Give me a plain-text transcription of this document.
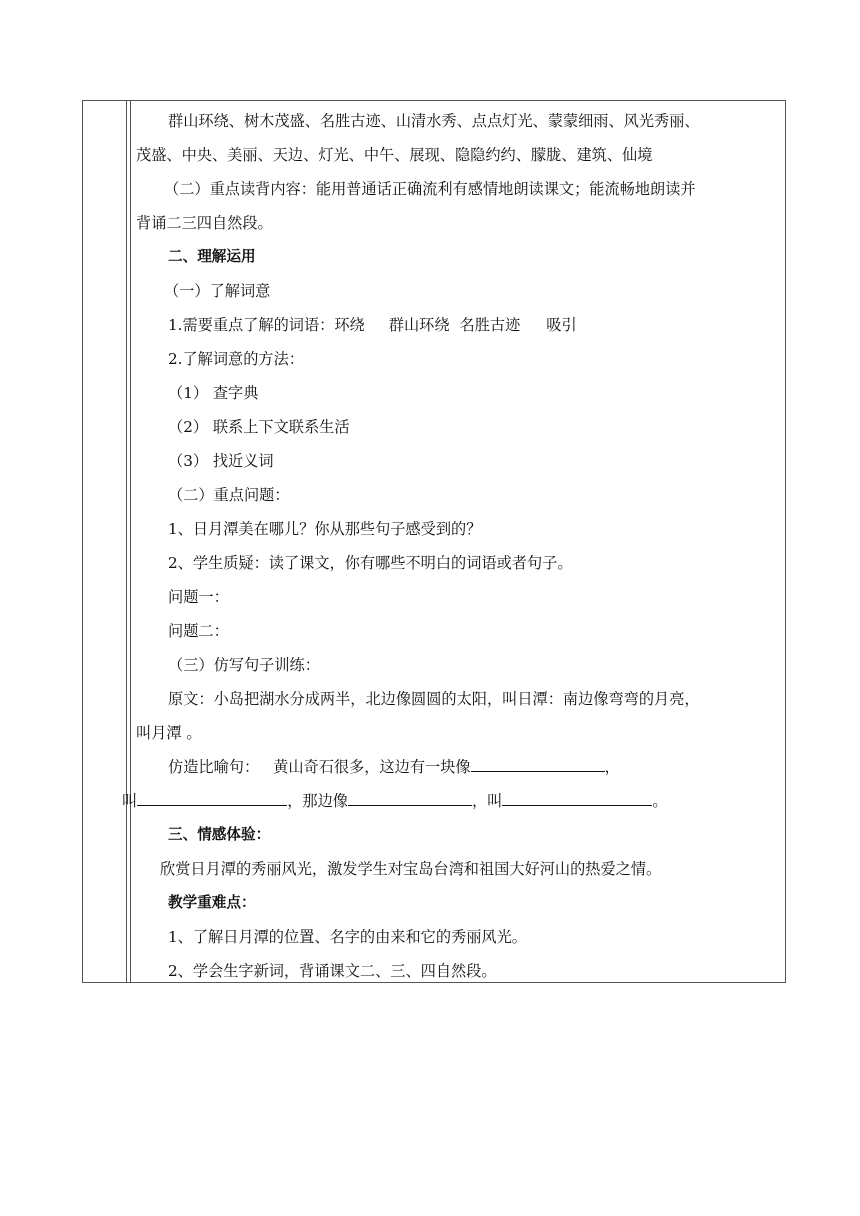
群山环绕、树木茂盛、名胜古迹、山清水秀、点点灯光、蒙蒙细雨、风光秀丽、
茂盛、中央、美丽、天边、灯光、中午、展现、隐隐约约、朦胧、建筑、仙境
（二）重点读背内容：能用普通话正确流利有感情地朗读课文；能流畅地朗读并
背诵二三四自然段。
二、理解运用
（一）了解词意
1.需要重点了解的词语：环绕 群山环绕 名胜古迹 吸引
2.了解词意的方法：
（1） 查字典
（2） 联系上下文联系生活
（3） 找近义词
（二）重点问题：
1、日月潭美在哪儿？你从那些句子感受到的？
2、学生质疑：读了课文，你有哪些不明白的词语或者句子。
问题一：
问题二：
（三）仿写句子训练：
原文：小岛把湖水分成两半，北边像圆圆的太阳，叫日潭：南边像弯弯的月亮，
叫月潭 。
仿造比喻句： 黄山奇石很多，这边有一块像	，
叫	，那边像	，叫	。
三、情感体验：
欣赏日月潭的秀丽风光，激发学生对宝岛台湾和祖国大好河山的热爱之情。
教学重难点：
1、了解日月潭的位置、名字的由来和它的秀丽风光。
2、学会生字新词，背诵课文二、三、四自然段。
